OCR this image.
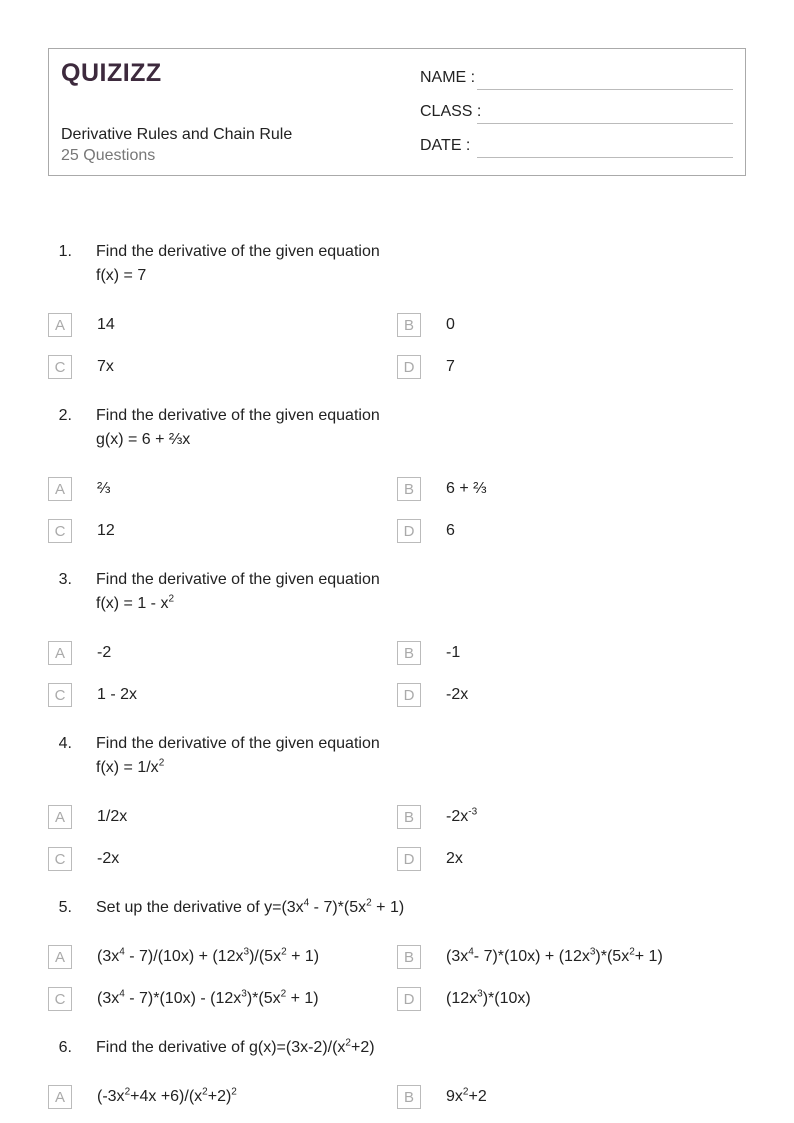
QUIZIZZ
Derivative Rules and Chain Rule
25 Questions
NAME :
CLASS :
DATE :
1.	Find the derivative of the given equation
f(x) = 7
A	14	B	0
C	7x	D	7
2.	Find the derivative of the given equation
g(x) = 6 + ⅔x
A	⅔	B	6 + ⅔
C	12	D	6
3.	Find the derivative of the given equation
$f(x) = 1 - x^2$
A	-2	B	-1
C	1 - 2x	D	-2x
4.	Find the derivative of the given equation
$f(x) = 1/x^2$
A	1/2x	B	$-2x^{-3}$
C	-2x	D	2x
5.	Set up the derivative of $y=(3x^4 - 7)*(5x^2 + 1)$
A	$(3x^4 - 7)/(10x) + (12x^3)/(5x^2 + 1)$	B	($3x^4-$ $7)*(10x) + (12x^3)*(5x^2+ 1)$
C	$(3x^4 - 7)*(10x) - (12x^3)*(5x^2 + 1)$	D	$(12x^3)*(10x)$
6.	Find the derivative of $g(x)=(3x-2)/(x^2+2)$
A	$(-3x^2+4x +6)/(x^2+2)^2$	B	$9x^2+2$
